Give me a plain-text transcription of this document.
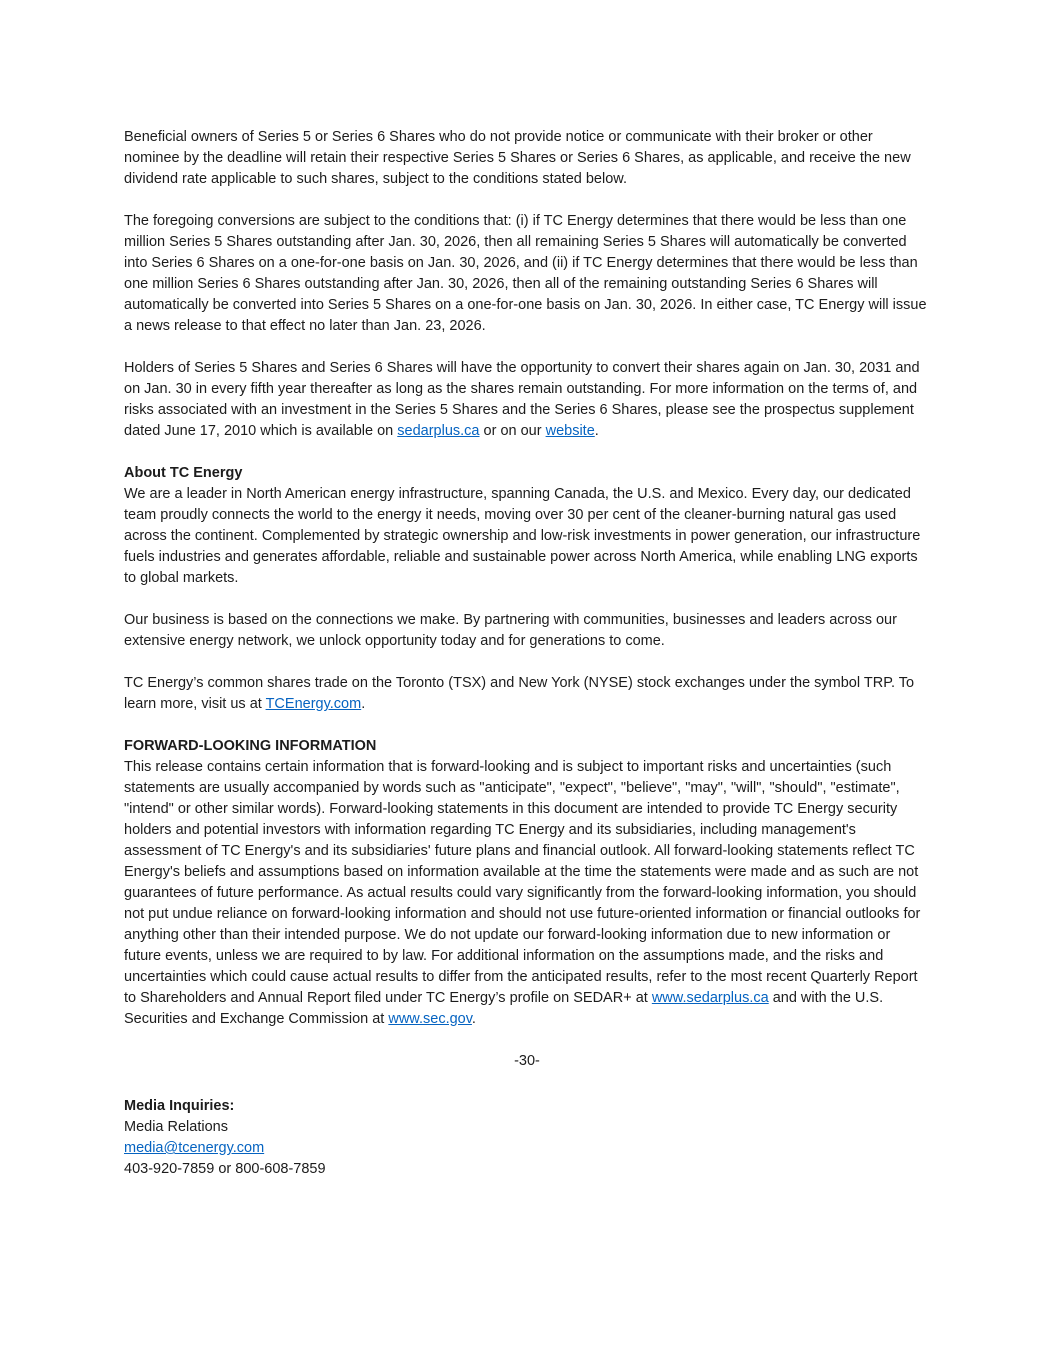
Beneficial owners of Series 5 or Series 6 Shares who do not provide notice or communicate with their broker or other nominee by the deadline will retain their respective Series 5 Shares or Series 6 Shares, as applicable, and receive the new dividend rate applicable to such shares, subject to the conditions stated below.

The foregoing conversions are subject to the conditions that: (i) if TC Energy determines that there would be less than one million Series 5 Shares outstanding after Jan. 30, 2026, then all remaining Series 5 Shares will automatically be converted into Series 6 Shares on a one-for-one basis on Jan. 30, 2026, and (ii) if TC Energy determines that there would be less than one million Series 6 Shares outstanding after Jan. 30, 2026, then all of the remaining outstanding Series 6 Shares will automatically be converted into Series 5 Shares on a one-for-one basis on Jan. 30, 2026. In either case, TC Energy will issue a news release to that effect no later than Jan. 23, 2026.

Holders of Series 5 Shares and Series 6 Shares will have the opportunity to convert their shares again on Jan. 30, 2031 and on Jan. 30 in every fifth year thereafter as long as the shares remain outstanding. For more information on the terms of, and risks associated with an investment in the Series 5 Shares and the Series 6 Shares, please see the prospectus supplement dated June 17, 2010 which is available on sedarplus.ca or on our website.

About TC Energy

We are a leader in North American energy infrastructure, spanning Canada, the U.S. and Mexico. Every day, our dedicated team proudly connects the world to the energy it needs, moving over 30 per cent of the cleaner-burning natural gas used across the continent. Complemented by strategic ownership and low-risk investments in power generation, our infrastructure fuels industries and generates affordable, reliable and sustainable power across North America, while enabling LNG exports to global markets.

Our business is based on the connections we make. By partnering with communities, businesses and leaders across our extensive energy network, we unlock opportunity today and for generations to come.

TC Energy’s common shares trade on the Toronto (TSX) and New York (NYSE) stock exchanges under the symbol TRP. To learn more, visit us at TCEnergy.com.

FORWARD-LOOKING INFORMATION

This release contains certain information that is forward-looking and is subject to important risks and uncertainties (such statements are usually accompanied by words such as "anticipate", "expect", "believe", "may", "will", "should", "estimate", "intend" or other similar words). Forward-looking statements in this document are intended to provide TC Energy security holders and potential investors with information regarding TC Energy and its subsidiaries, including management's assessment of TC Energy's and its subsidiaries' future plans and financial outlook. All forward-looking statements reflect TC Energy's beliefs and assumptions based on information available at the time the statements were made and as such are not guarantees of future performance. As actual results could vary significantly from the forward-looking information, you should not put undue reliance on forward-looking information and should not use future-oriented information or financial outlooks for anything other than their intended purpose. We do not update our forward-looking information due to new information or future events, unless we are required to by law. For additional information on the assumptions made, and the risks and uncertainties which could cause actual results to differ from the anticipated results, refer to the most recent Quarterly Report to Shareholders and Annual Report filed under TC Energy’s profile on SEDAR+ at www.sedarplus.ca and with the U.S. Securities and Exchange Commission at www.sec.gov.

-30-

Media Inquiries:
Media Relations
media@tcenergy.com
403-920-7859 or 800-608-7859
